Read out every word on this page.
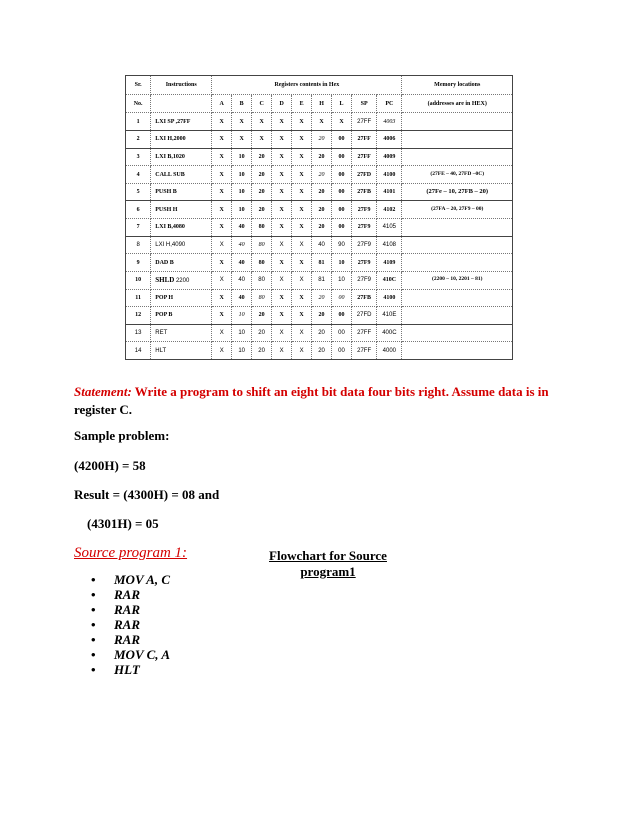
Sr.	Instructions	Registers contents in Hex									Memory locations
No.		A	B	C	D	E	H	L	SP	PC	(addresses are in HEX)
1	LXI SP ,27FF	X	X	X	X	X	X	X	27FF	4003	
2	LXI H,2000	X	X	X	X	X	20	00	27FF	4006	
3	LXI B,1020	X	10	20	X	X	20	00	27FF	4009	
4	CALL SUB	X	10	20	X	X	20	00	27FD	4100	(27FE – 40, 27FD –0C)
5	PUSH B	X	10	20	X	X	20	00	27FB	4101	(27Fe – 10, 27FB – 20)
6	PUSH H	X	10	20	X	X	20	00	27F9	4102	(27FA – 20, 27F9 – 00)
7	LXI B,4080	X	40	80	X	X	20	00	27F9	4105	
8	LXI H,4090	X	40	80	X	X	40	90	27F9	4108	
9	DAD B	X	40	80	X	X	81	10	27F9	4109	
10	SHLD 2200	X	40	80	X	X	81	10	27F9	410C	(2200 – 10, 2201 – 81)
11	POP H	X	40	80	X	X	20	00	27FB	4100	
12	POP B	X	10	20	X	X	20	00	27FD	410E	
13	RET	X	10	20	X	X	20	00	27FF	400C	
14	HLT	X	10	20	X	X	20	00	27FF	4000	
Statement: Write a program to shift an eight bit data four bits right. Assume data is in
register C.
Sample problem:
(4200H) = 58
Result = (4300H) = 08 and
(4301H) = 05
Source program 1:	Flowchart for Source
program1
• MOV A, C
• RAR
• RAR
• RAR
• RAR
• MOV C, A
• HLT
